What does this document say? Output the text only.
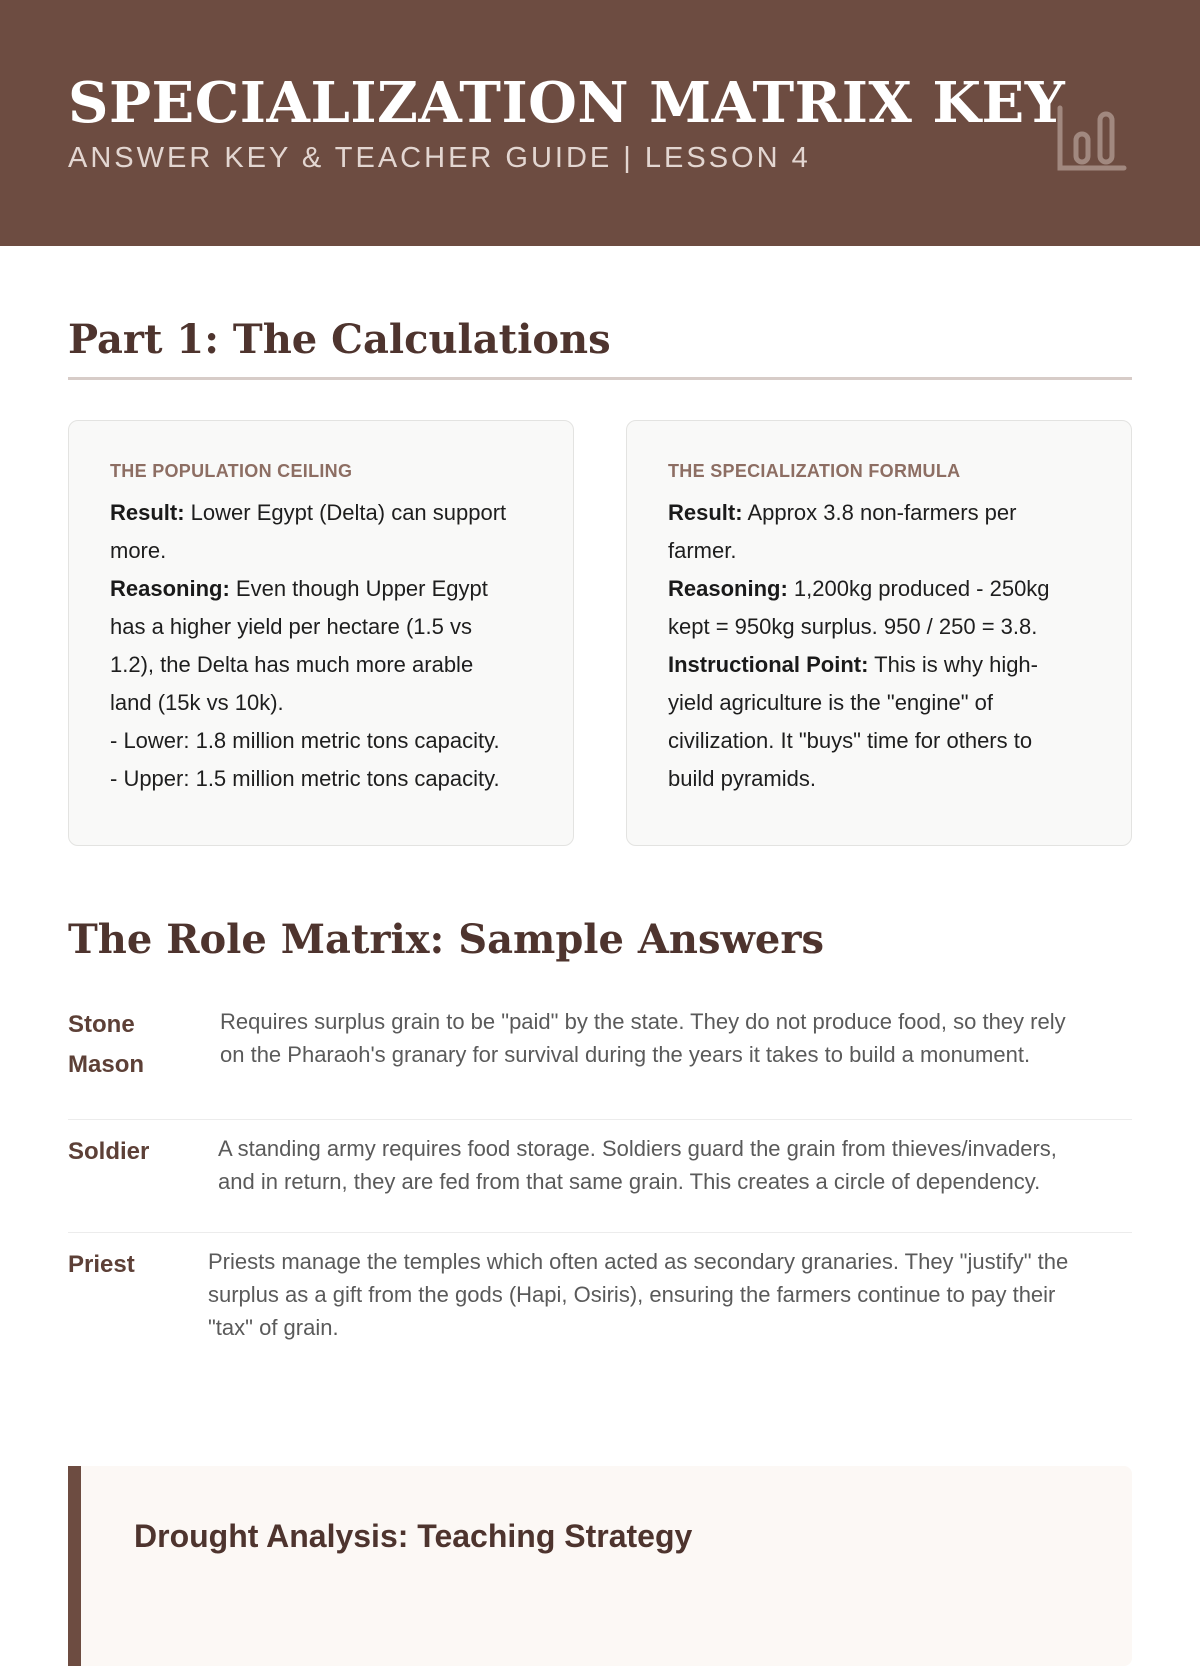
SPECIALIZATION MATRIX KEY
ANSWER KEY & TEACHER GUIDE | LESSON 4
Part 1: The Calculations
THE POPULATION CEILING
Result: Lower Egypt (Delta) can support
more.
Reasoning: Even though Upper Egypt
has a higher yield per hectare (1.5 vs
1.2), the Delta has much more arable
land (15k vs 10k).
- Lower: 1.8 million metric tons capacity.
- Upper: 1.5 million metric tons capacity.
THE SPECIALIZATION FORMULA
Result: Approx 3.8 non-farmers per
farmer.
Reasoning: 1,200kg produced - 250kg
kept = 950kg surplus. 950 / 250 = 3.8.
Instructional Point: This is why high-
yield agriculture is the "engine" of
civilization. It "buys" time for others to
build pyramids.
The Role Matrix: Sample Answers
Stone
Mason
Requires surplus grain to be "paid" by the state. They do not produce food, so they rely
on the Pharaoh's granary for survival during the years it takes to build a monument.
Soldier	A standing army requires food storage. Soldiers guard the grain from thieves/invaders,
and in return, they are fed from that same grain. This creates a circle of dependency.
Priest	Priests manage the temples which often acted as secondary granaries. They "justify" the
surplus as a gift from the gods (Hapi, Osiris), ensuring the farmers continue to pay their
"tax" of grain.
Drought Analysis: Teaching Strategy
